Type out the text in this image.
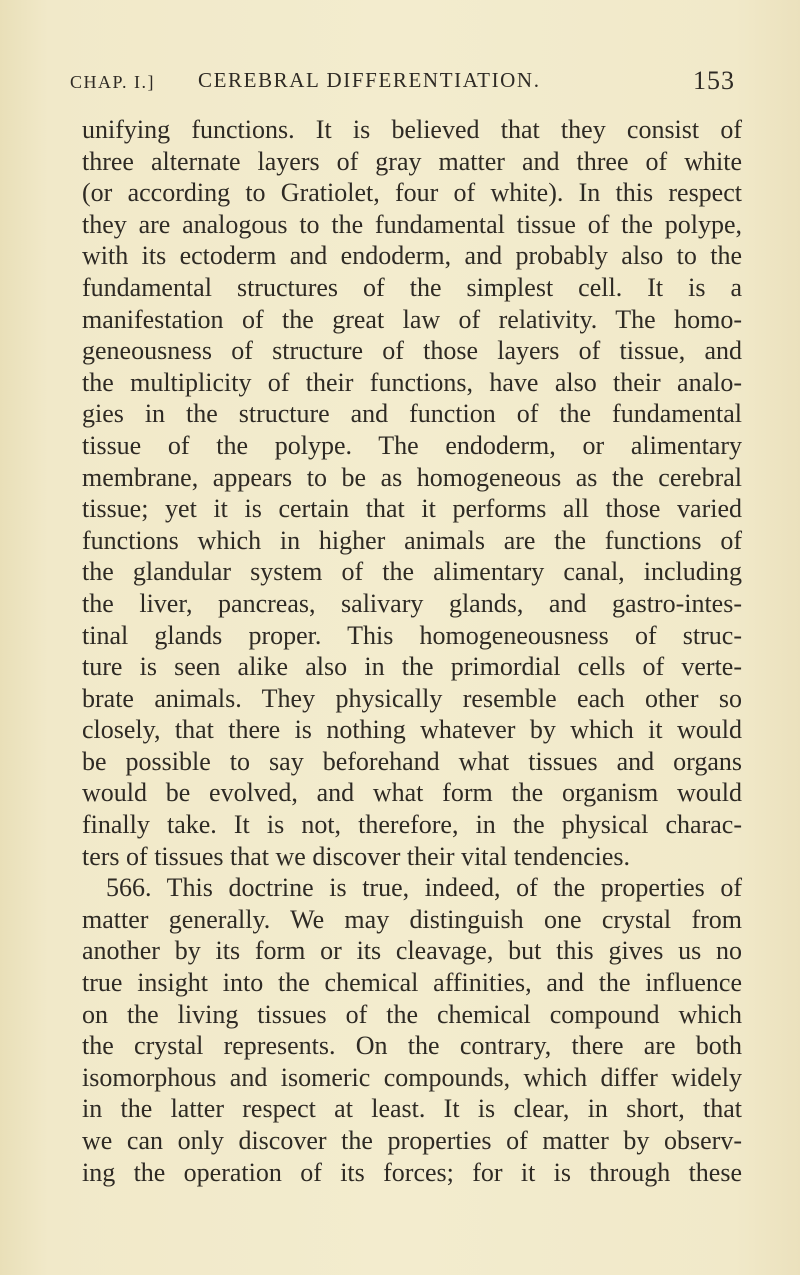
CHAP. I.] CEREBRAL DIFFERENTIATION.	153
unifying functions. It is believed that they consist of
three alternate layers of gray matter and three of white
(or according to Gratiolet, four of white). In this respect
they are analogous to the fundamental tissue of the polype,
with its ectoderm and endoderm, and probably also to the
fundamental structures of the simplest cell. It is a
manifestation of the great law of relativity. The homo-
geneousness of structure of those layers of tissue, and
the multiplicity of their functions, have also their analo-
gies in the structure and function of the fundamental
tissue of the polype. The endoderm, or alimentary
membrane, appears to be as homogeneous as the cerebral
tissue; yet it is certain that it performs all those varied
functions which in higher animals are the functions of
the glandular system of the alimentary canal, including
the liver, pancreas, salivary glands, and gastro-intes-
tinal glands proper. This homogeneousness of struc-
ture is seen alike also in the primordial cells of verte-
brate animals. They physically resemble each other so
closely, that there is nothing whatever by which it would
be possible to say beforehand what tissues and organs
would be evolved, and what form the organism would
finally take. It is not, therefore, in the physical charac-
ters of tissues that we discover their vital tendencies.
566. This doctrine is true, indeed, of the properties of
matter generally. We may distinguish one crystal from
another by its form or its cleavage, but this gives us no
true insight into the chemical affinities, and the influence
on the living tissues of the chemical compound which
the crystal represents. On the contrary, there are both
isomorphous and isomeric compounds, which differ widely
in the latter respect at least. It is clear, in short, that
we can only discover the properties of matter by observ-
ing the operation of its forces; for it is through these
